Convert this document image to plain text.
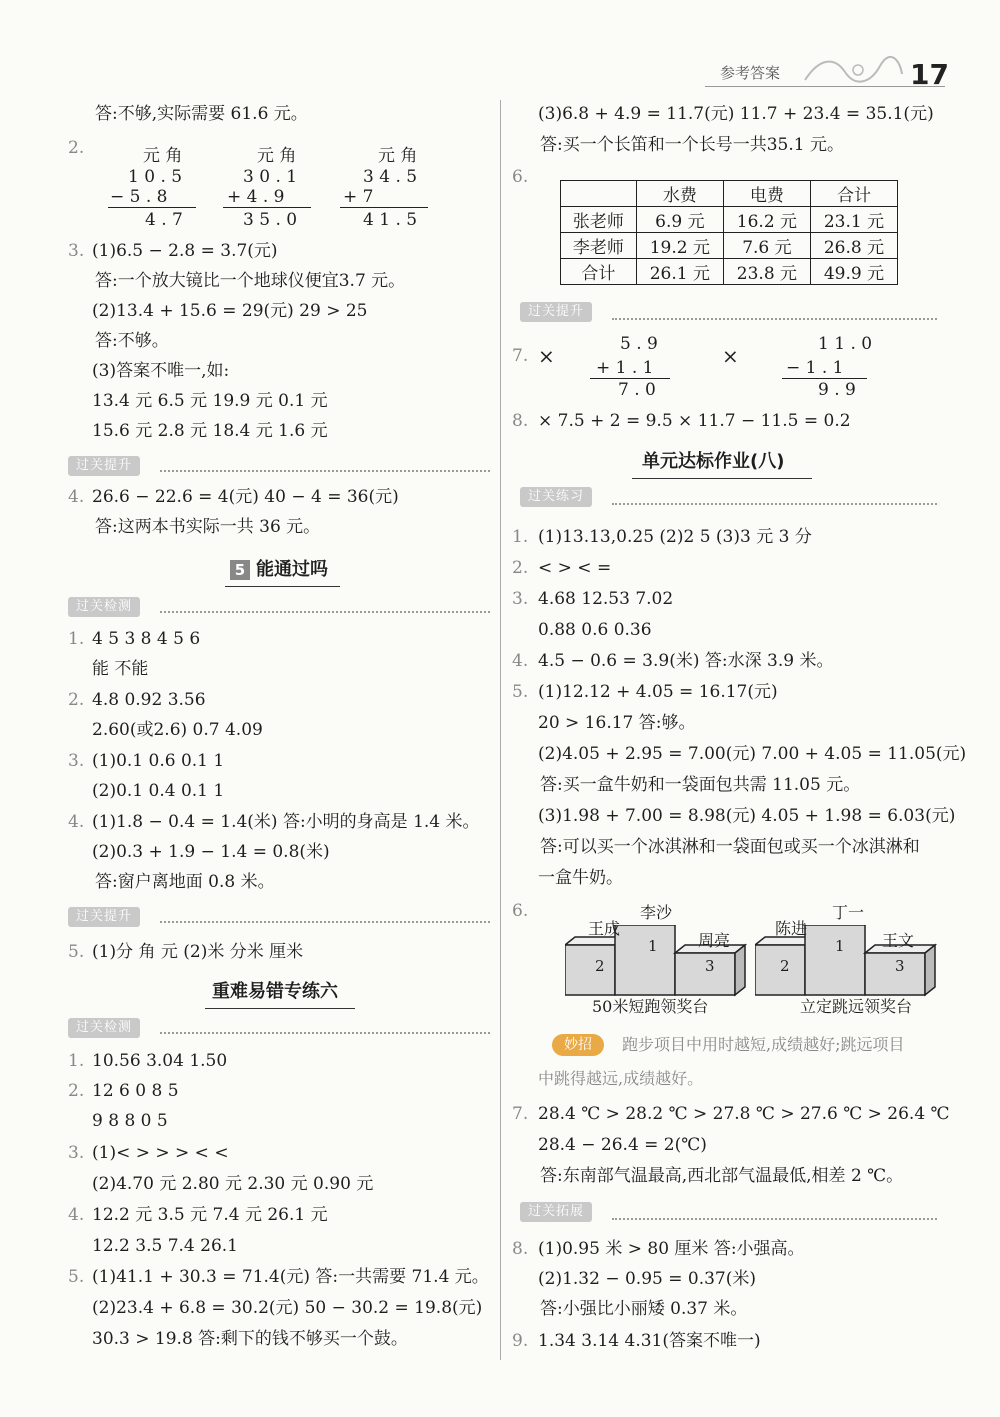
参考答案	17
答:不够,实际需要 61.6 元。
2.	元 角
1 0 . 5
− 5 . 8
4 . 7
元 角
3 0 . 1
+ 4 . 9
3 5 . 0
元 角
3 4 . 5
+ 7
4 1 . 5
3. (1)6.5 − 2.8 = 3.7(元)
答:一个放大镜比一个地球仪便宜3.7 元。
(2)13.4 + 15.6 = 29(元) 29 > 25
答:不够。
(3)答案不唯一,如:
13.4 元 6.5 元 19.9 元 0.1 元
15.6 元 2.8 元 18.4 元 1.6 元
过关提升
4. 26.6 − 22.6 = 4(元) 40 − 4 = 36(元)
答:这两本书实际一共 36 元。
5 能通过吗
过关检测
1. 4 5 3 8 4 5 6
能 不能
2. 4.8 0.92 3.56
2.60(或2.6) 0.7 4.09
3. (1)0.1 0.6 0.1 1
(2)0.1 0.4 0.1 1
4. (1)1.8 − 0.4 = 1.4(米) 答:小明的身高是 1.4 米。
(2)0.3 + 1.9 − 1.4 = 0.8(米)
答:窗户离地面 0.8 米。
过关提升
5. (1)分 角 元 (2)米 分米 厘米
重难易错专练六
过关检测
1. 10.56 3.04 1.50
2. 12 6 0 8 5
9 8 8 0 5
3. (1)< > > > < <
(2)4.70 元 2.80 元 2.30 元 0.90 元
4. 12.2 元 3.5 元 7.4 元 26.1 元
12.2 3.5 7.4 26.1
5. (1)41.1 + 30.3 = 71.4(元) 答:一共需要 71.4 元。
(2)23.4 + 6.8 = 30.2(元) 50 − 30.2 = 19.8(元)
30.3 > 19.8 答:剩下的钱不够买一个鼓。
(3)6.8 + 4.9 = 11.7(元) 11.7 + 23.4 = 35.1(元)
答:买一个长笛和一个长号一共35.1 元。
6.
	水费	电费	合计
张老师	6.9 元	16.2 元	23.1 元
李老师	19.2 元	7.6 元	26.8 元
合计	26.1 元	23.8 元	49.9 元
过关提升
7. ×	5 . 9
+ 1 . 1
7 . 0
×	1 1 . 0
− 1 . 1
9 . 9
8. × 7.5 + 2 = 9.5 × 11.7 − 11.5 = 0.2
单元达标作业(八)
过关练习
1. (1)13.13,0.25 (2)2 5 (3)3 元 3 分
2. < > < =
3. 4.68 12.53 7.02
0.88 0.6 0.36
4. 4.5 − 0.6 = 3.9(米) 答:水深 3.9 米。
5. (1)12.12 + 4.05 = 16.17(元)
20 > 16.17 答:够。
(2)4.05 + 2.95 = 7.00(元) 7.00 + 4.05 = 11.05(元)
答:买一盒牛奶和一袋面包共需 11.05 元。
(3)1.98 + 7.00 = 8.98(元) 4.05 + 1.98 = 6.03(元)
答:可以买一个冰淇淋和一袋面包或买一个冰淇淋和
一盒牛奶。
6.
王成
李沙
周亮
1
2	3
50米短跑领奖台
陈进
丁一
王文
1
2	3
立定跳远领奖台
妙招	跑步项目中用时越短,成绩越好;跳远项目
中跳得越远,成绩越好。
7. 28.4 ℃ > 28.2 ℃ > 27.8 ℃ > 27.6 ℃ > 26.4 ℃
28.4 − 26.4 = 2(℃)
答:东南部气温最高,西北部气温最低,相差 2 ℃。
过关拓展
8. (1)0.95 米 > 80 厘米 答:小强高。
(2)1.32 − 0.95 = 0.37(米)
答:小强比小丽矮 0.37 米。
9. 1.34 3.14 4.31(答案不唯一)
